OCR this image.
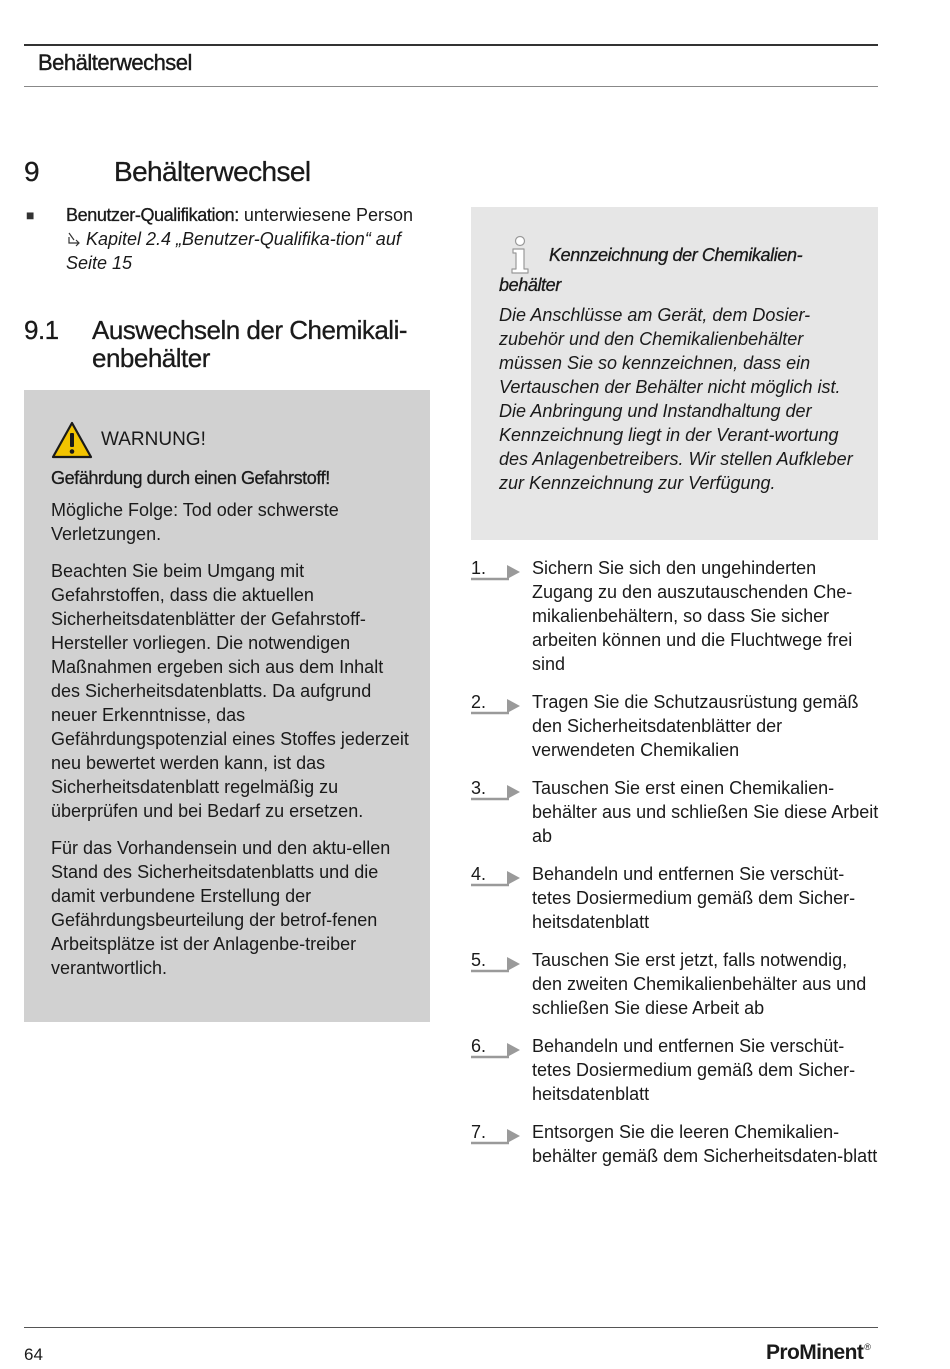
Behälterwechsel
9	Behälterwechsel
■ Benutzer-Qualifikation: unterwiesene Person Kapitel 2.4 „Benutzer-Qualifika-tion“ auf Seite 15
9.1 Auswechseln der Chemikali-enbehälter
WARNUNG!
Gefährdung durch einen Gefahrstoff!

Mögliche Folge: Tod oder schwerste Verletzungen.

Beachten Sie beim Umgang mit Gefahrstoffen, dass die aktuellen Sicherheitsdatenblätter der Gefahrstoff-Hersteller vorliegen. Die notwendigen Maßnahmen ergeben sich aus dem Inhalt des Sicherheitsdatenblatts. Da aufgrund neuer Erkenntnisse, das Gefährdungspotenzial eines Stoffes jederzeit neu bewertet werden kann, ist das Sicherheitsdatenblatt regelmäßig zu überprüfen und bei Bedarf zu ersetzen.

Für das Vorhandensein und den aktu-ellen Stand des Sicherheitsdatenblatts und die damit verbundene Erstellung der Gefährdungsbeurteilung der betrof-fenen Arbeitsplätze ist der Anlagenbe-treiber verantwortlich.

Kennzeichnung der Chemikalien-
behälter
Die Anschlüsse am Gerät, dem Dosier-zubehör und den Chemikalienbehälter müssen Sie so kennzeichnen, dass ein Vertauschen der Behälter nicht möglich ist. Die Anbringung und Instandhaltung der Kennzeichnung liegt in der Verant-wortung des Anlagenbetreibers. Wir stellen Aufkleber zur Kennzeichnung zur Verfügung.
1.	Sichern Sie sich den ungehinderten Zugang zu den auszutauschenden Che-mikalienbehältern, so dass Sie sicher arbeiten können und die Fluchtwege frei sind
2.	Tragen Sie die Schutzausrüstung gemäß den Sicherheitsdatenblätter der verwendeten Chemikalien
3.	Tauschen Sie erst einen Chemikalien-behälter aus und schließen Sie diese Arbeit ab
4.	Behandeln und entfernen Sie verschüt-tetes Dosiermedium gemäß dem Sicher-heitsdatenblatt
5.	Tauschen Sie erst jetzt, falls notwendig, den zweiten Chemikalienbehälter aus und schließen Sie diese Arbeit ab
6.	Behandeln und entfernen Sie verschüt-tetes Dosiermedium gemäß dem Sicher-heitsdatenblatt
7.	Entsorgen Sie die leeren Chemikalien-behälter gemäß dem Sicherheitsdaten-blatt
64	ProMinent®
